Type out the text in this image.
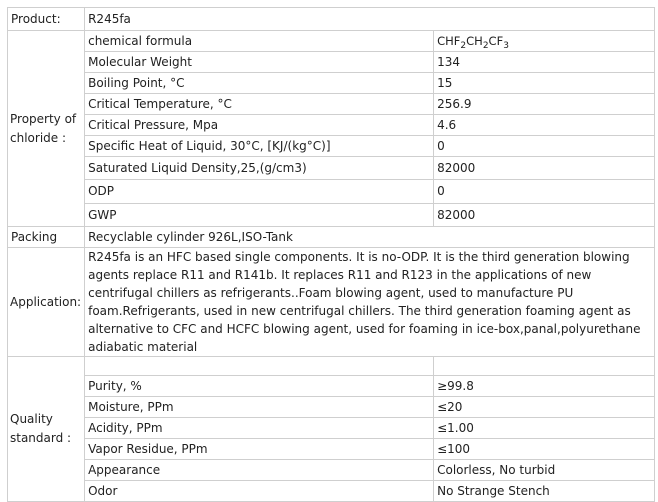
Product:	R245fa	
Property of chloride :	chemical formula	$CHF_2CH_2CF_3$
	Molecular Weight	134
	Boiling Point, °C	15
	Critical Temperature, °C	256.9
	Critical Pressure, Mpa	4.6
	Specific Heat of Liquid, 30°C, [KJ/(kg°C)]	0
	Saturated Liquid Density,25,(g/cm3)	82000
	ODP	0
	GWP	82000
Packing	Recyclable cylinder 926L,ISO-Tank	
Application:	R245fa is an HFC based single components. It is no-ODP. It is the third generation blowing agents replace R11 and R141b. It replaces R11 and R123 in the applications of new centrifugal chillers as refrigerants..Foam blowing agent, used to manufacture PU foam.Refrigerants, used in new centrifugal chillers. The third generation foaming agent as alternative to CFC and HCFC blowing agent, used for foaming in ice-box,panal,polyurethane adiabatic material	
Quality standard :		
	Purity, %	≥99.8
	Moisture, PPm	≤20
	Acidity, PPm	≤1.00
	Vapor Residue, PPm	≤100
	Appearance	Colorless, No turbid
	Odor	No Strange Stench
